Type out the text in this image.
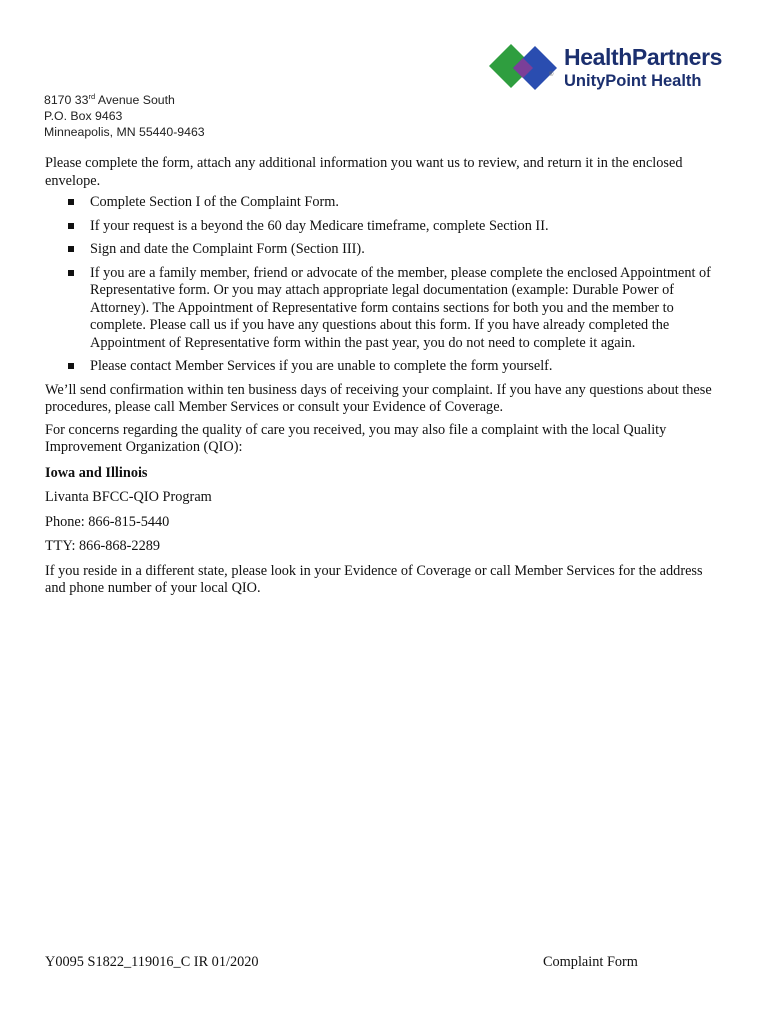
®
HealthPartners
UnityPoint Health
8170 33rd Avenue South
P.O. Box 9463
Minneapolis, MN 55440-9463

Please complete the form, attach any additional information you want us to review, and return it in the enclosed envelope.

Complete Section I of the Complaint Form.
If your request is a beyond the 60 day Medicare timeframe, complete Section II.
Sign and date the Complaint Form (Section III).
If you are a family member, friend or advocate of the member, please complete the enclosed Appointment of Representative form. Or you may attach appropriate legal documentation (example: Durable Power of Attorney). The Appointment of Representative form contains sections for both you and the member to complete. Please call us if you have any questions about this form. If you have already completed the Appointment of Representative form within the past year, you do not need to complete it again.
Please contact Member Services if you are unable to complete the form yourself.

We’ll send confirmation within ten business days of receiving your complaint. If you have any questions about these procedures, please call Member Services or consult your Evidence of Coverage.

For concerns regarding the quality of care you received, you may also file a complaint with the local Quality Improvement Organization (QIO):

Iowa and Illinois

Livanta BFCC-QIO Program

Phone: 866-815-5440

TTY: 866-868-2289

If you reside in a different state, please look in your Evidence of Coverage or call Member Services for the address and phone number of your local QIO.

Y0095 S1822_119016_C IR 01/2020	Complaint Form
